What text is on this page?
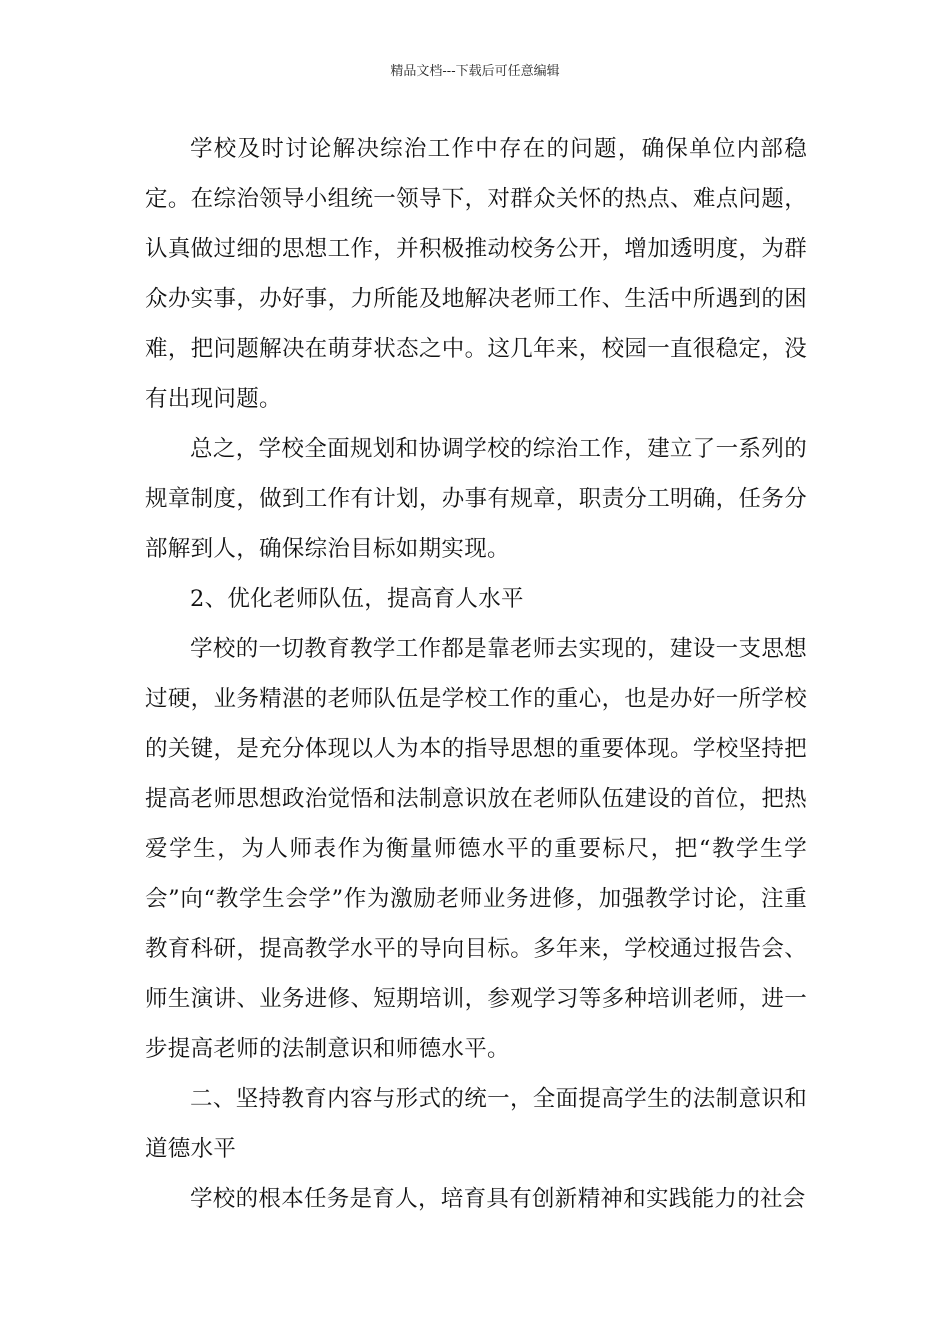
精品文档---下载后可任意编辑

学校及时讨论解决综治工作中存在的问题，确保单位内部稳定。在综治领导小组统一领导下，对群众关怀的热点、难点问题，认真做过细的思想工作，并积极推动校务公开，增加透明度，为群众办实事，办好事，力所能及地解决老师工作、生活中所遇到的困难，把问题解决在萌芽状态之中。这几年来，校园一直很稳定，没有出现问题。

总之，学校全面规划和协调学校的综治工作，建立了一系列的规章制度，做到工作有计划，办事有规章，职责分工明确，任务分部解到人，确保综治目标如期实现。

2、优化老师队伍，提高育人水平

学校的一切教育教学工作都是靠老师去实现的，建设一支思想过硬，业务精湛的老师队伍是学校工作的重心，也是办好一所学校的关键，是充分体现以人为本的指导思想的重要体现。学校坚持把提高老师思想政治觉悟和法制意识放在老师队伍建设的首位，把热爱学生，为人师表作为衡量师德水平的重要标尺，把“教学生学会”向“教学生会学”作为激励老师业务进修，加强教学讨论，注重教育科研，提高教学水平的导向目标。多年来，学校通过报告会、师生演讲、业务进修、短期培训，参观学习等多种培训老师，进一步提高老师的法制意识和师德水平。

二、坚持教育内容与形式的统一，全面提高学生的法制意识和道德水平

学校的根本任务是育人，培育具有创新精神和实践能力的社会
